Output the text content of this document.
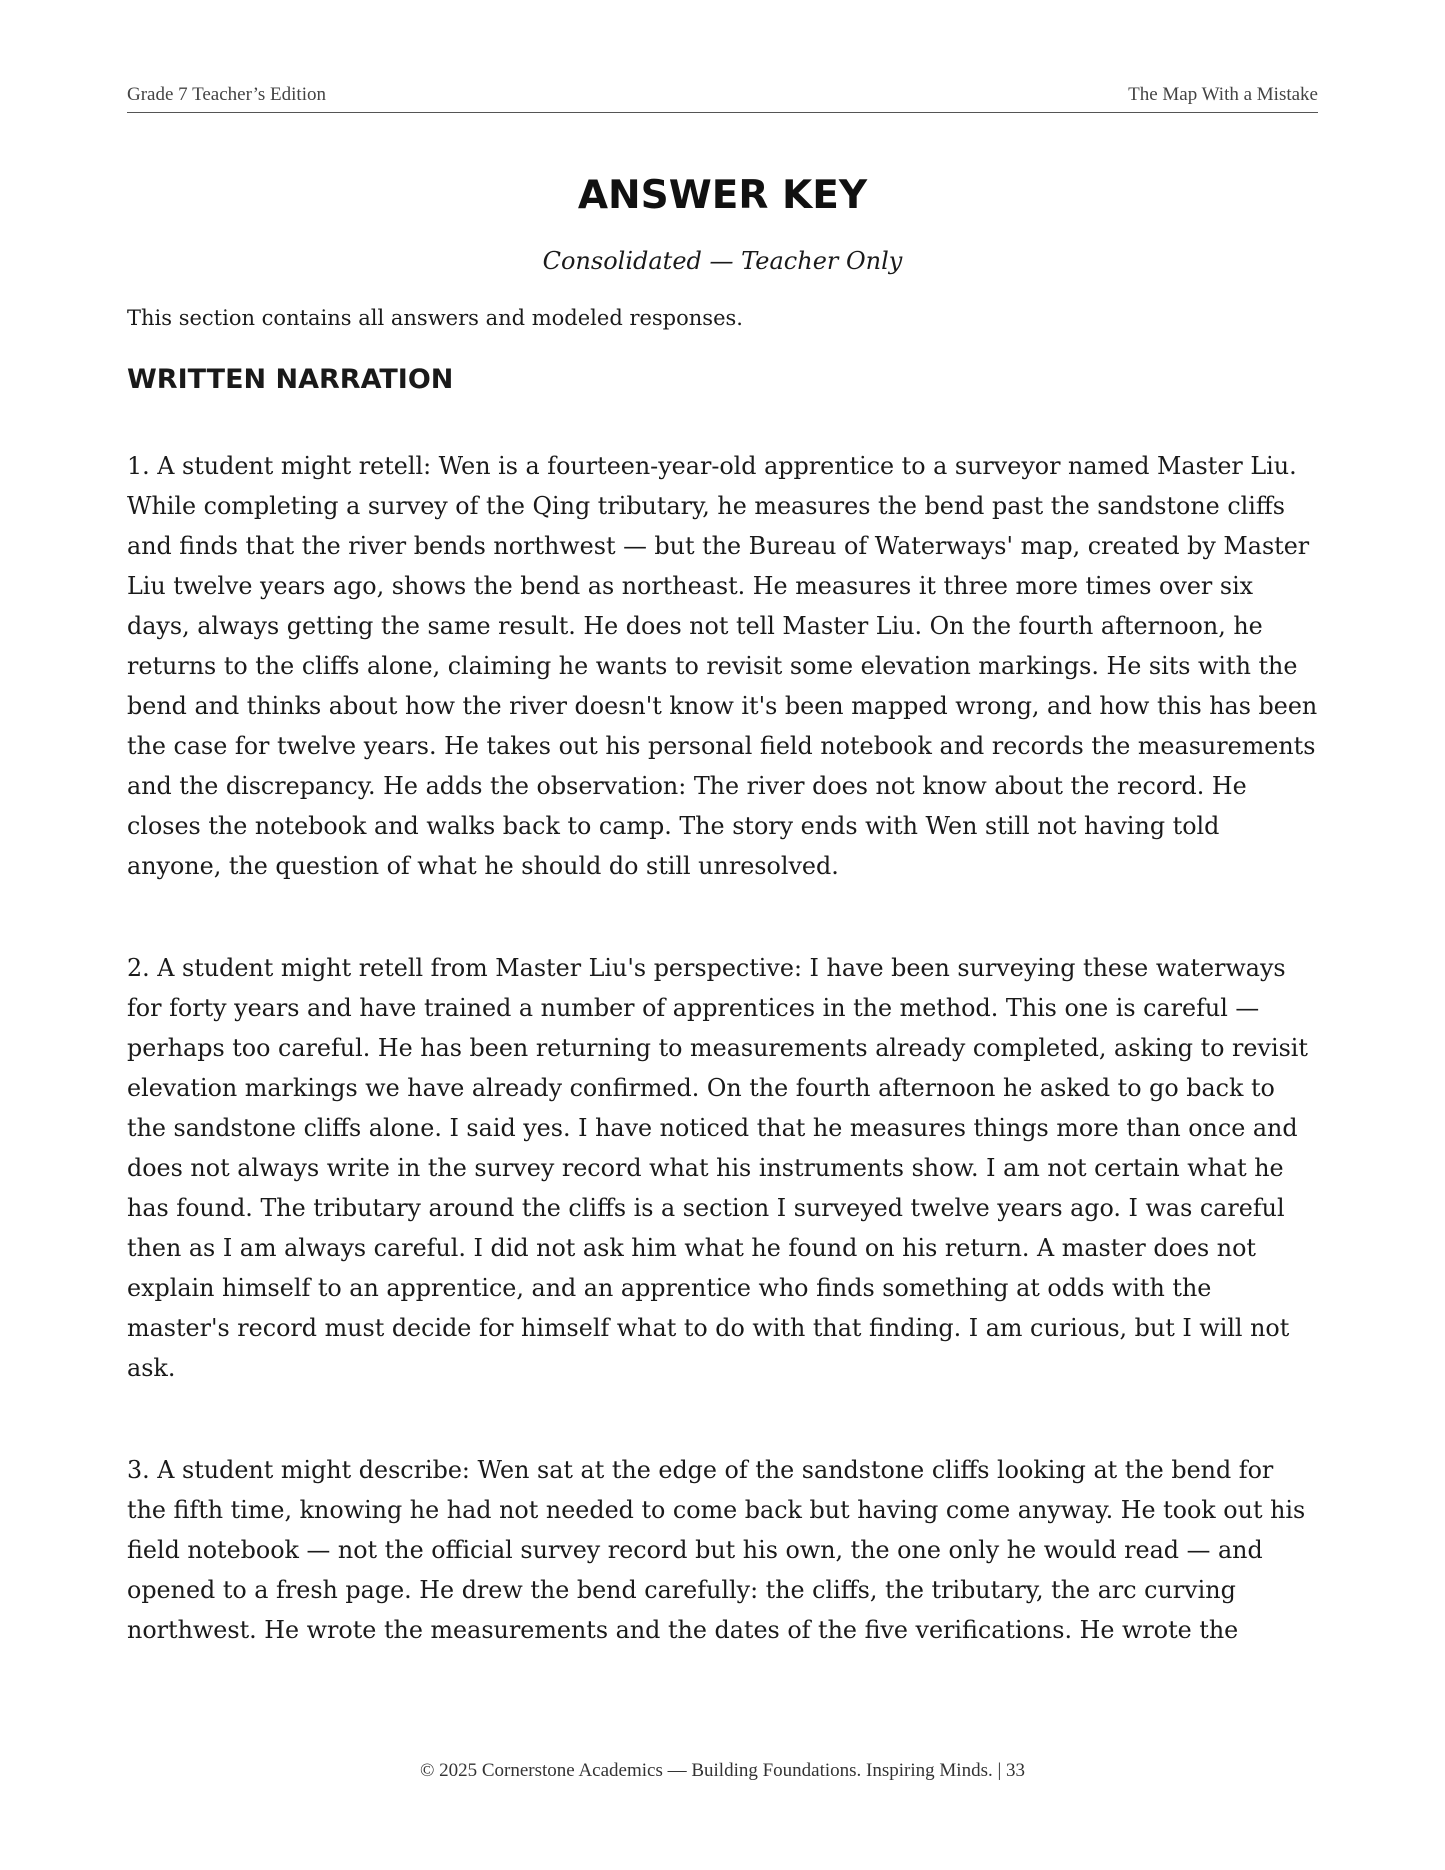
Grade 7 Teacher’s Edition	The Map With a Mistake
ANSWER KEY

Consolidated — Teacher Only

This section contains all answers and modeled responses.

WRITTEN NARRATION

1. A student might retell: Wen is a fourteen-year-old apprentice to a surveyor named Master Liu. While completing a survey of the Qing tributary, he measures the bend past the sandstone cliffs and finds that the river bends northwest — but the Bureau of Waterways' map, created by Master Liu twelve years ago, shows the bend as northeast. He measures it three more times over six days, always getting the same result. He does not tell Master Liu. On the fourth afternoon, he returns to the cliffs alone, claiming he wants to revisit some elevation markings. He sits with the bend and thinks about how the river doesn't know it's been mapped wrong, and how this has been the case for twelve years. He takes out his personal field notebook and records the measurements and the discrepancy. He adds the observation: The river does not know about the record. He closes the notebook and walks back to camp. The story ends with Wen still not having told anyone, the question of what he should do still unresolved.

2. A student might retell from Master Liu's perspective: I have been surveying these waterways for forty years and have trained a number of apprentices in the method. This one is careful — perhaps too careful. He has been returning to measurements already completed, asking to revisit elevation markings we have already confirmed. On the fourth afternoon he asked to go back to the sandstone cliffs alone. I said yes. I have noticed that he measures things more than once and does not always write in the survey record what his instruments show. I am not certain what he has found. The tributary around the cliffs is a section I surveyed twelve years ago. I was careful then as I am always careful. I did not ask him what he found on his return. A master does not explain himself to an apprentice, and an apprentice who finds something at odds with the master's record must decide for himself what to do with that finding. I am curious, but I will not ask.

3. A student might describe: Wen sat at the edge of the sandstone cliffs looking at the bend for the fifth time, knowing he had not needed to come back but having come anyway. He took out his field notebook — not the official survey record but his own, the one only he would read — and opened to a fresh page. He drew the bend carefully: the cliffs, the tributary, the arc curving northwest. He wrote the measurements and the dates of the five verifications. He wrote the

© 2025 Cornerstone Academics — Building Foundations. Inspiring Minds. | 33
